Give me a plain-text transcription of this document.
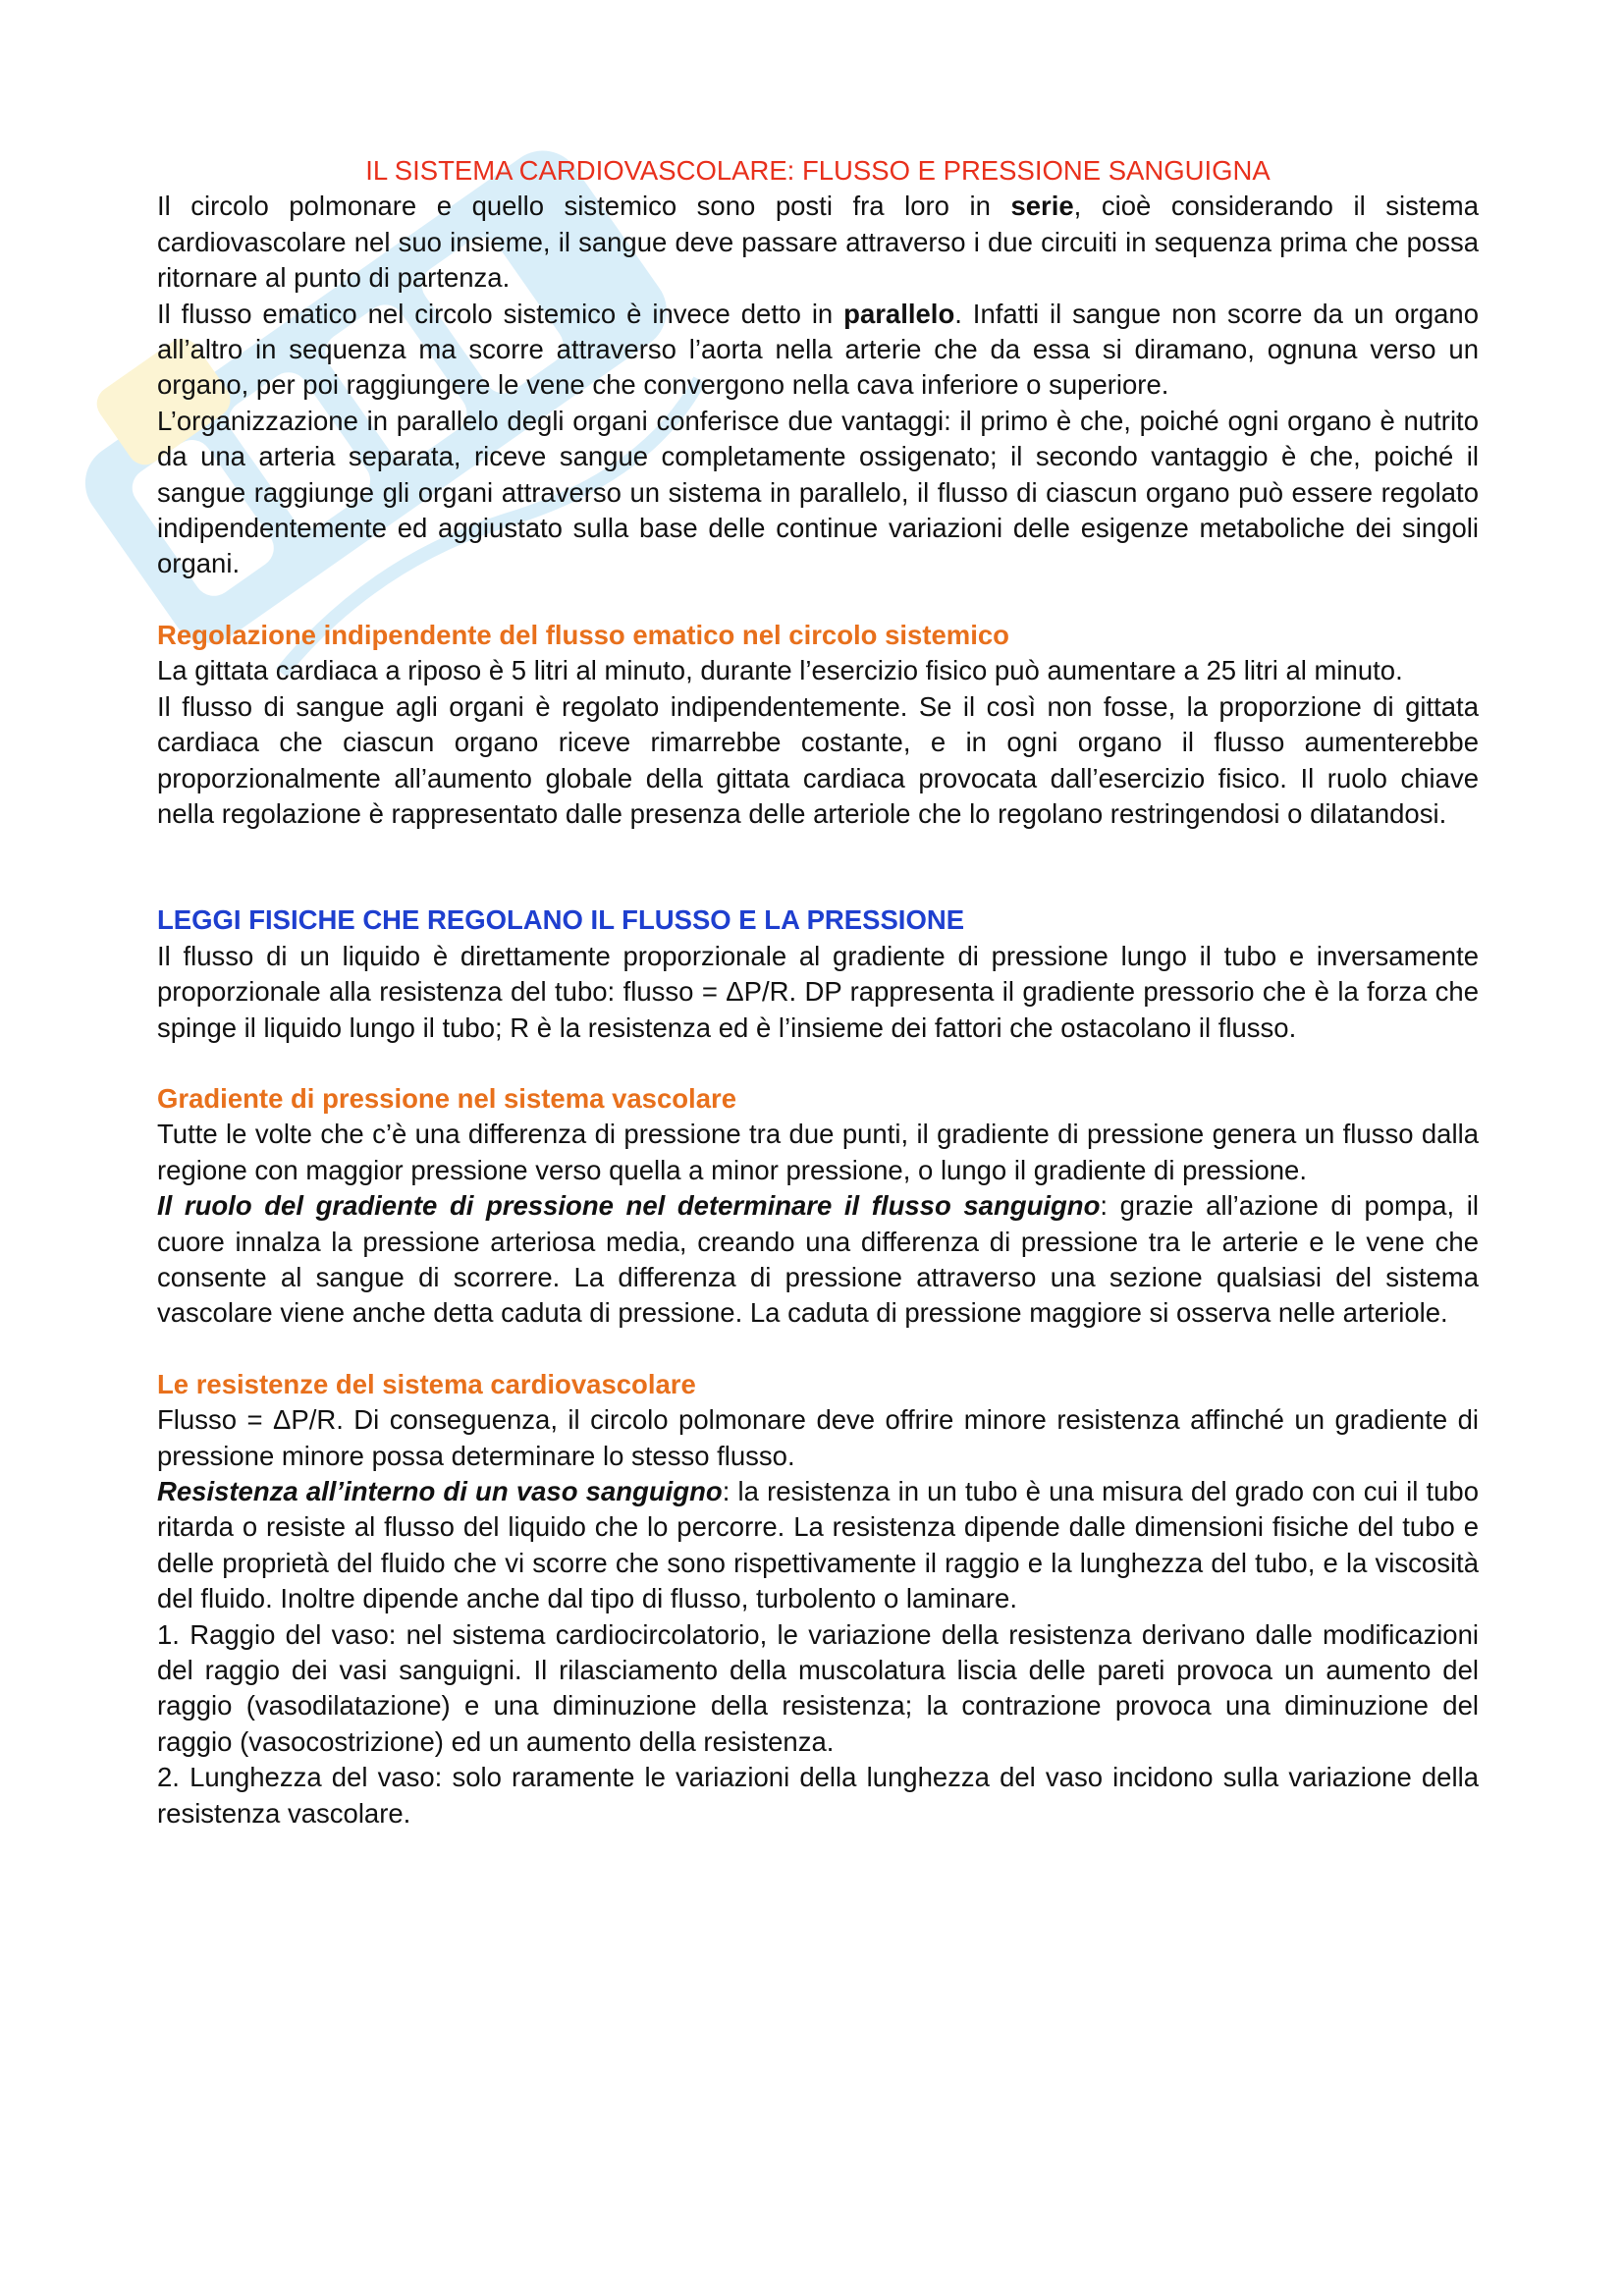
IL SISTEMA CARDIOVASCOLARE: FLUSSO E PRESSIONE SANGUIGNA

Il circolo polmonare e quello sistemico sono posti fra loro in serie, cioè considerando il sistema cardiovascolare nel suo insieme, il sangue deve passare attraverso i due circuiti in sequenza prima che possa ritornare al punto di partenza.

Il flusso ematico nel circolo sistemico è invece detto in parallelo. Infatti il sangue non scorre da un organo all’altro in sequenza ma scorre attraverso l’aorta nella arterie che da essa si diramano, ognuna verso un organo, per poi raggiungere le vene che convergono nella cava inferiore o superiore.

L’organizzazione in parallelo degli organi conferisce due vantaggi: il primo è che, poiché ogni organo è nutrito da una arteria separata, riceve sangue completamente ossigenato; il secondo vantaggio è che, poiché il sangue raggiunge gli organi attraverso un sistema in parallelo, il flusso di ciascun organo può essere regolato indipendentemente ed aggiustato sulla base delle continue variazioni delle esigenze metaboliche dei singoli organi.

Regolazione indipendente del flusso ematico nel circolo sistemico

La gittata cardiaca a riposo è 5 litri al minuto, durante l’esercizio fisico può aumentare a 25 litri al minuto.

Il flusso di sangue agli organi è regolato indipendentemente. Se il così non fosse, la proporzione di gittata cardiaca che ciascun organo riceve rimarrebbe costante, e in ogni organo il flusso aumenterebbe proporzionalmente all’aumento globale della gittata cardiaca provocata dall’esercizio fisico. Il ruolo chiave nella regolazione è rappresentato dalle presenza delle arteriole che lo regolano restringendosi o dilatandosi.

LEGGI FISICHE CHE REGOLANO IL FLUSSO E LA PRESSIONE

Il flusso di un liquido è direttamente proporzionale al gradiente di pressione lungo il tubo e inversamente proporzionale alla resistenza del tubo: flusso = ΔP/R. DP rappresenta il gradiente pressorio che è la forza che spinge il liquido lungo il tubo; R è la resistenza ed è l’insieme dei fattori che ostacolano il flusso.

Gradiente di pressione nel sistema vascolare

Tutte le volte che c’è una differenza di pressione tra due punti, il gradiente di pressione genera un flusso dalla regione con maggior pressione verso quella a minor pressione, o lungo il gradiente di pressione.

Il ruolo del gradiente di pressione nel determinare il flusso sanguigno: grazie all’azione di pompa, il cuore innalza la pressione arteriosa media, creando una differenza di pressione tra le arterie e le vene che consente al sangue di scorrere. La differenza di pressione attraverso una sezione qualsiasi del sistema vascolare viene anche detta caduta di pressione. La caduta di pressione maggiore si osserva nelle arteriole.

Le resistenze del sistema cardiovascolare

Flusso = ΔP/R. Di conseguenza, il circolo polmonare deve offrire minore resistenza affinché un gradiente di pressione minore possa determinare lo stesso flusso.

Resistenza all’interno di un vaso sanguigno: la resistenza in un tubo è una misura del grado con cui il tubo ritarda o resiste al flusso del liquido che lo percorre. La resistenza dipende dalle dimensioni fisiche del tubo e delle proprietà del fluido che vi scorre che sono rispettivamente il raggio e la lunghezza del tubo, e la viscosità del fluido. Inoltre dipende anche dal tipo di flusso, turbolento o laminare.

1. Raggio del vaso: nel sistema cardiocircolatorio, le variazione della resistenza derivano dalle modificazioni del raggio dei vasi sanguigni. Il rilasciamento della muscolatura liscia delle pareti provoca un aumento del raggio (vasodilatazione) e una diminuzione della resistenza; la contrazione provoca una diminuzione del raggio (vasocostrizione) ed un aumento della resistenza.

2. Lunghezza del vaso: solo raramente le variazioni della lunghezza del vaso incidono sulla variazione della resistenza vascolare.
